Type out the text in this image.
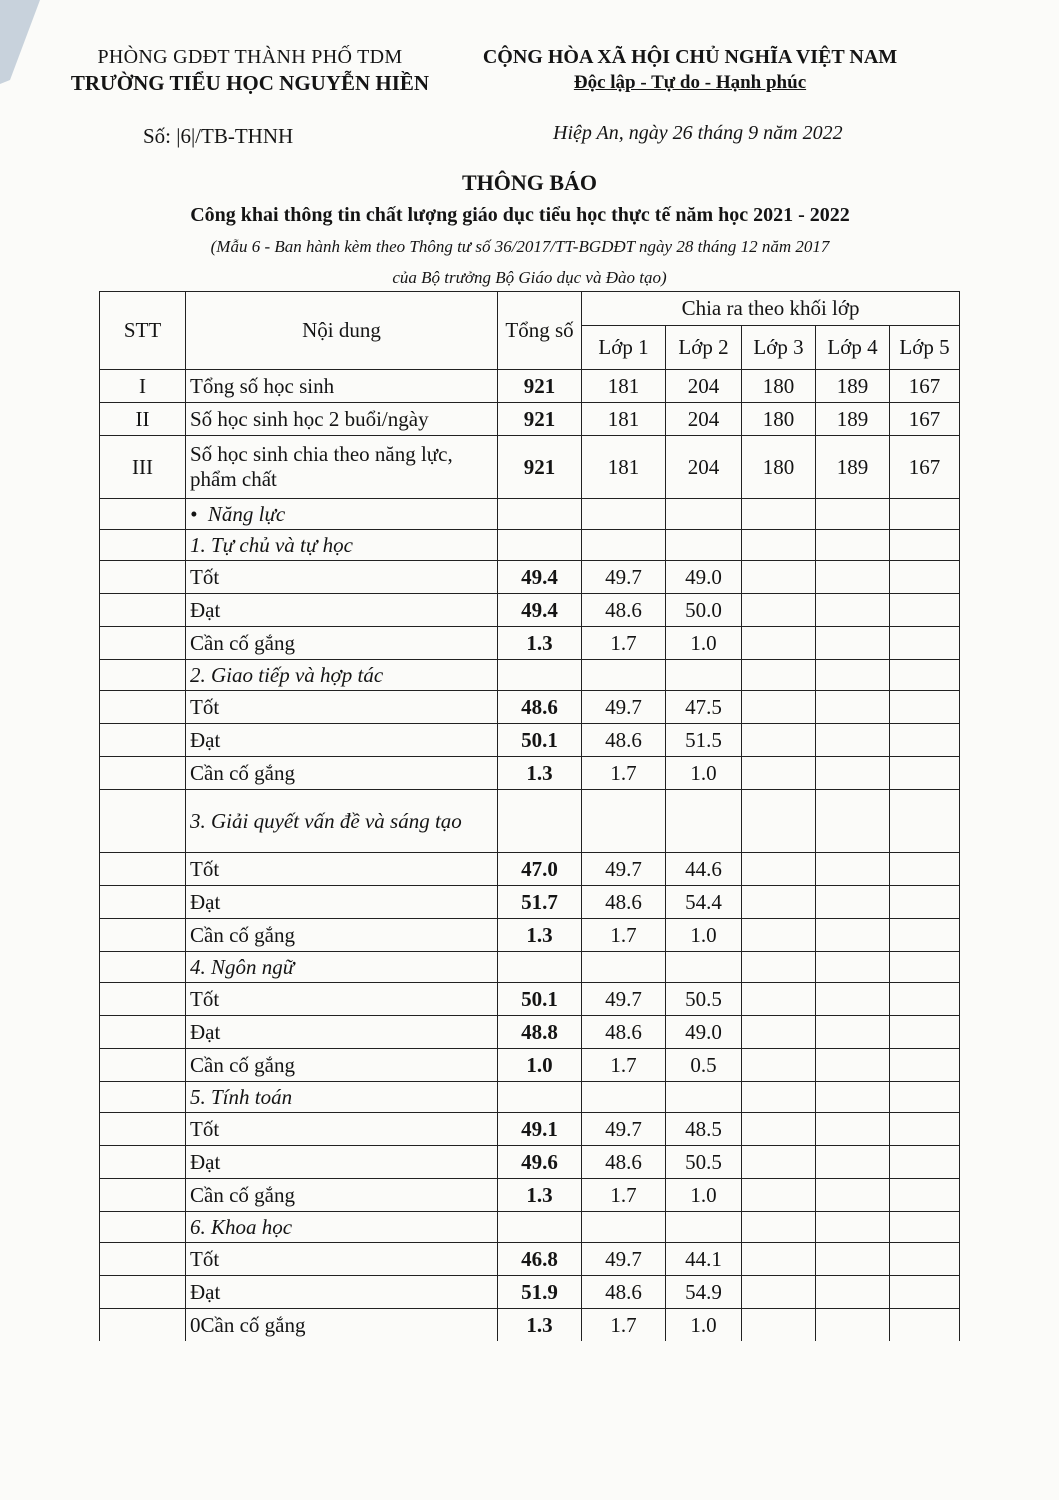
PHÒNG GDĐT THÀNH PHỐ TDM
TRƯỜNG TIỂU HỌC NGUYỄN HIỀN
CỘNG HÒA XÃ HỘI CHỦ NGHĨA VIỆT NAM
Độc lập - Tự do - Hạnh phúc
Số: |6|/TB-THNH	Hiệp An, ngày 26 tháng 9 năm 2022
THÔNG BÁO
Công khai thông tin chất lượng giáo dục tiểu học thực tế năm học 2021 - 2022
(Mẫu 6 - Ban hành kèm theo Thông tư số 36/2017/TT-BGDĐT ngày 28 tháng 12 năm 2017
của Bộ trưởng Bộ Giáo dục và Đào tạo)
STT	Nội dung	Tổng số	Chia ra theo khối lớp				
			Lớp 1	Lớp 2	Lớp 3	Lớp 4	Lớp 5
I	Tổng số học sinh	921	181	204	180	189	167
II	Số học sinh học 2 buổi/ngày	921	181	204	180	189	167
III	Số học sinh chia theo năng lực, phẩm chất	921	181	204	180	189	167
	•  Năng lực						
	1. Tự chủ và tự học						
	Tốt	49.4	49.7	49.0			
	Đạt	49.4	48.6	50.0			
	Cần cố gắng	1.3	1.7	1.0			
	2. Giao tiếp và hợp tác						
	Tốt	48.6	49.7	47.5			
	Đạt	50.1	48.6	51.5			
	Cần cố gắng	1.3	1.7	1.0			
	3. Giải quyết vấn đề và sáng tạo						
	Tốt	47.0	49.7	44.6			
	Đạt	51.7	48.6	54.4			
	Cần cố gắng	1.3	1.7	1.0			
	4. Ngôn ngữ						
	Tốt	50.1	49.7	50.5			
	Đạt	48.8	48.6	49.0			
	Cần cố gắng	1.0	1.7	0.5			
	5. Tính toán						
	Tốt	49.1	49.7	48.5			
	Đạt	49.6	48.6	50.5			
	Cần cố gắng	1.3	1.7	1.0			
	6. Khoa học						
	Tốt	46.8	49.7	44.1			
	Đạt	51.9	48.6	54.9			
	0Cần cố gắng	1.3	1.7	1.0			
